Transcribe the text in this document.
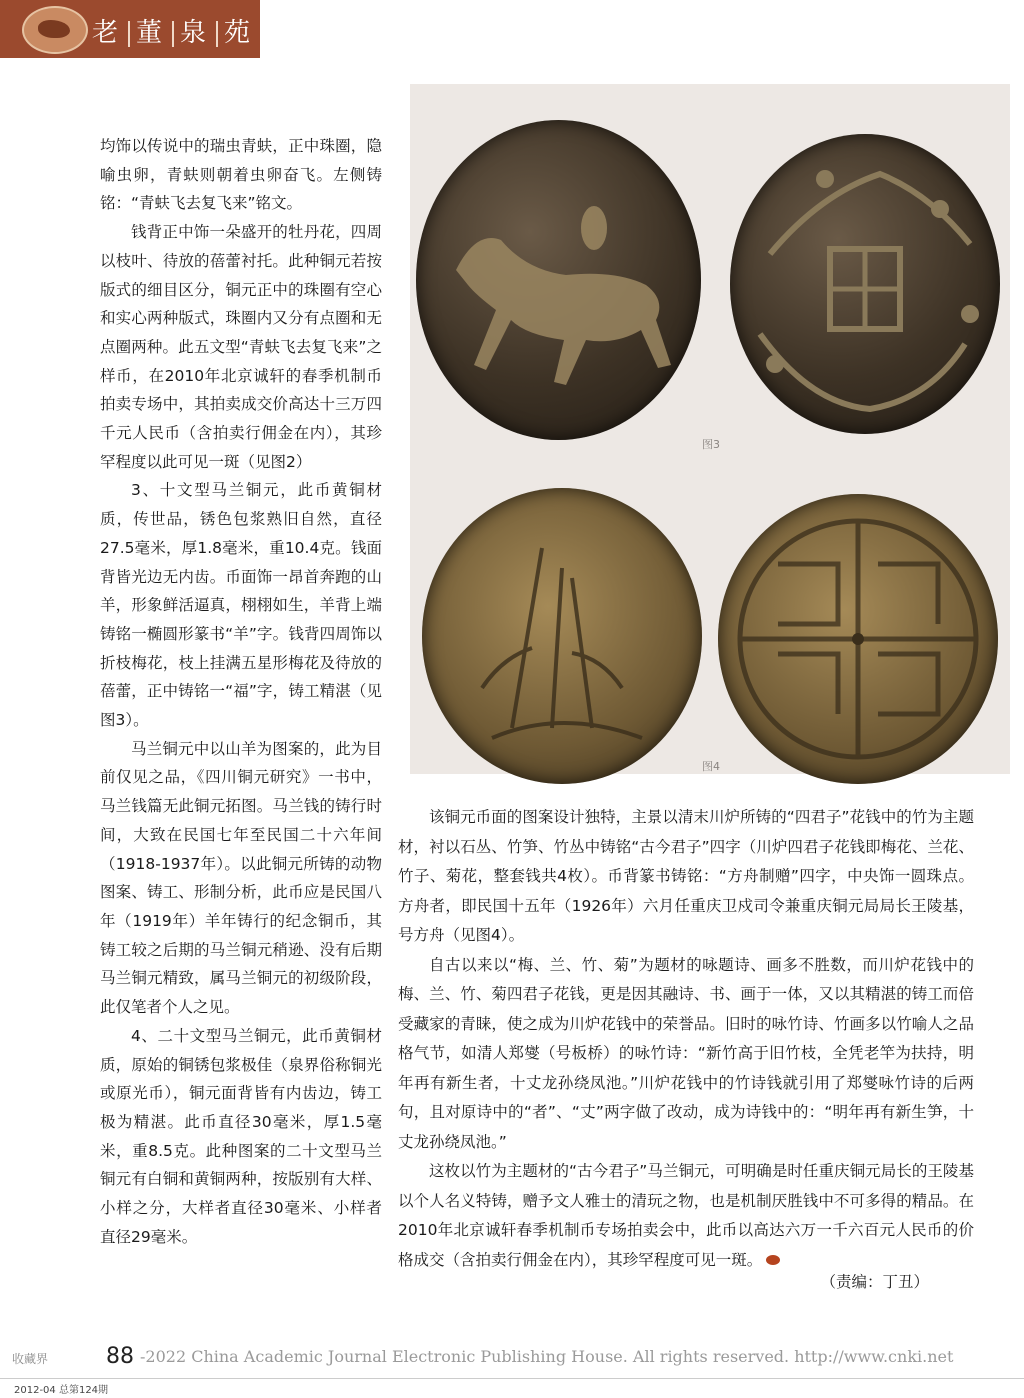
老 董 泉 苑

均饰以传说中的瑞虫青蚨，正中珠圈，隐喻虫卵，青蚨则朝着虫卵奋飞。左侧铸铭：“青蚨飞去复飞来”铭文。

钱背正中饰一朵盛开的牡丹花，四周以枝叶、待放的蓓蕾衬托。此种铜元若按版式的细目区分，铜元正中的珠圈有空心和实心两种版式，珠圈内又分有点圈和无点圈两种。此五文型“青蚨飞去复飞来”之样币，在2010年北京诚轩的春季机制币拍卖专场中，其拍卖成交价高达十三万四千元人民币（含拍卖行佣金在内），其珍罕程度以此可见一斑（见图2）

3、十文型马兰铜元，此币黄铜材质，传世品，锈色包浆熟旧自然，直径27.5毫米，厚1.8毫米，重10.4克。钱面背皆光边无内齿。币面饰一昂首奔跑的山羊，形象鲜活逼真，栩栩如生，羊背上端铸铭一椭圆形篆书“羊”字。钱背四周饰以折枝梅花，枝上挂满五星形梅花及待放的蓓蕾，正中铸铭一“福”字，铸工精湛（见图3）。

马兰铜元中以山羊为图案的，此为目前仅见之品，《四川铜元研究》一书中，马兰钱篇无此铜元拓图。马兰钱的铸行时间，大致在民国七年至民国二十六年间（1918-1937年）。以此铜元所铸的动物图案、铸工、形制分析，此币应是民国八年（1919年）羊年铸行的纪念铜币，其铸工较之后期的马兰铜元稍逊、没有后期马兰铜元精致，属马兰铜元的初级阶段，此仅笔者个人之见。

4、二十文型马兰铜元，此币黄铜材质，原始的铜锈包浆极佳（泉界俗称铜光或原光币），铜元面背皆有内齿边，铸工极为精湛。此币直径30毫米，厚1.5毫米，重8.5克。此种图案的二十文型马兰铜元有白铜和黄铜两种，按版别有大样、小样之分，大样者直径30毫米、小样者直径29毫米。

图3
图4

该铜元币面的图案设计独特，主景以清末川炉所铸的“四君子”花钱中的竹为主题材，衬以石丛、竹笋、竹丛中铸铭“古今君子”四字（川炉四君子花钱即梅花、兰花、竹子、菊花，整套钱共4枚）。币背篆书铸铭：“方舟制赠”四字，中央饰一圆珠点。方舟者，即民国十五年（1926年）六月任重庆卫戍司令兼重庆铜元局局长王陵基，号方舟（见图4）。

自古以来以“梅、兰、竹、菊”为题材的咏题诗、画多不胜数，而川炉花钱中的梅、兰、竹、菊四君子花钱，更是因其融诗、书、画于一体，又以其精湛的铸工而倍受藏家的青睐，使之成为川炉花钱中的荣誉品。旧时的咏竹诗、竹画多以竹喻人之品格气节，如清人郑燮（号板桥）的咏竹诗：“新竹高于旧竹枝，全凭老竿为扶持，明年再有新生者，十丈龙孙绕凤池。”川炉花钱中的竹诗钱就引用了郑燮咏竹诗的后两句，且对原诗中的“者”、“丈”两字做了改动，成为诗钱中的：“明年再有新生笋，十丈龙孙绕凤池。”

这枚以竹为主题材的“古今君子”马兰铜元，可明确是时任重庆铜元局长的王陵基以个人名义特铸，赠予文人雅士的清玩之物，也是机制厌胜钱中不可多得的精品。在2010年北京诚轩春季机制币专场拍卖会中，此币以高达六万一千六百元人民币的价格成交（含拍卖行佣金在内），其珍罕程度可见一斑。

（责编：丁丑）
收藏界	88 -2022 China Academic Journal Electronic Publishing House. All rights reserved. http://www.cnki.net
2012-04 总第124期
